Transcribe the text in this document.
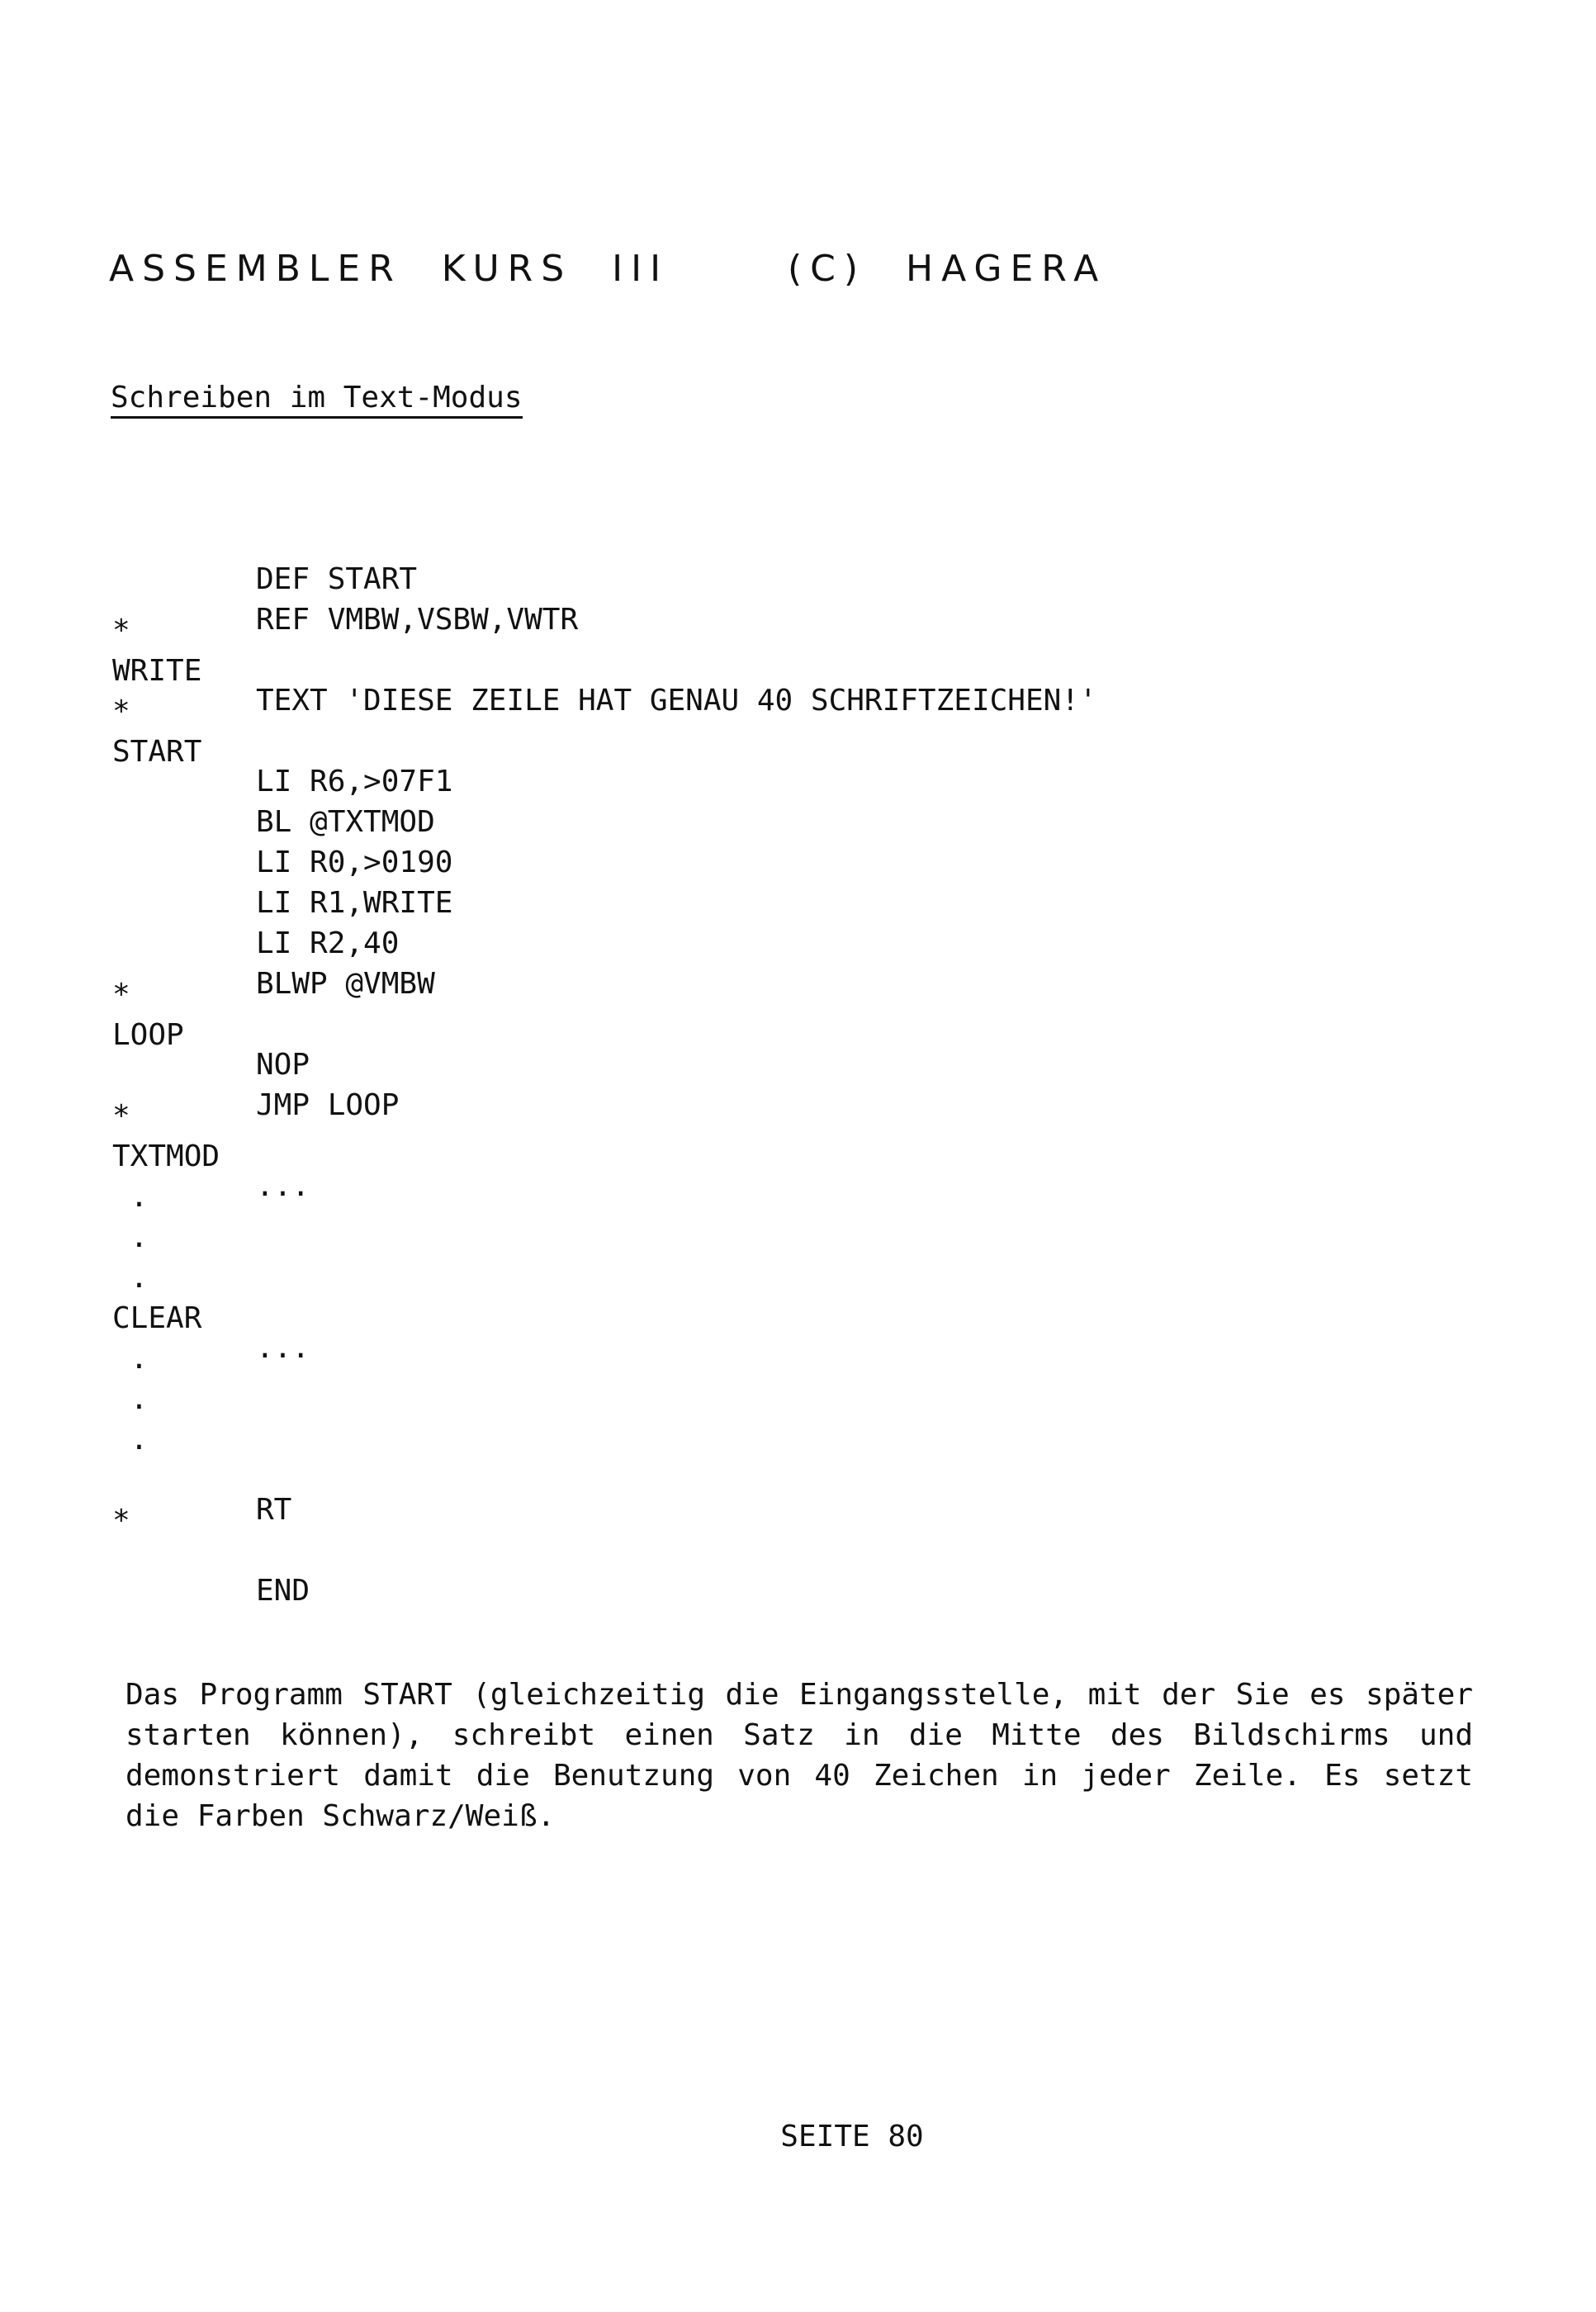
ASSEMBLER  KURS  III      (C)  HAGERA
Schreiben im Text-Modus

DEF START

REF VMBW,VSBW,VWTR

*

WRITE

TEXT 'DIESE ZEILE HAT GENAU 40 SCHRIFTZEICHEN!'

*

START

LI R6,>07F1

BL @TXTMOD

LI R0,>0190

LI R1,WRITE

LI R2,40

BLWP @VMBW

*

LOOP

NOP

JMP LOOP

*

TXTMOD

...

.

.

.

CLEAR

...

.

.

.

RT

*

END

Das Programm START (gleichzeitig die Eingangsstelle, mit der Sie es später starten können), schreibt einen Satz in die Mitte des Bildschirms und demonstriert damit die Benutzung von 40 Zeichen in jeder Zeile. Es setzt die Farben Schwarz/Weiß.
SEITE 80
